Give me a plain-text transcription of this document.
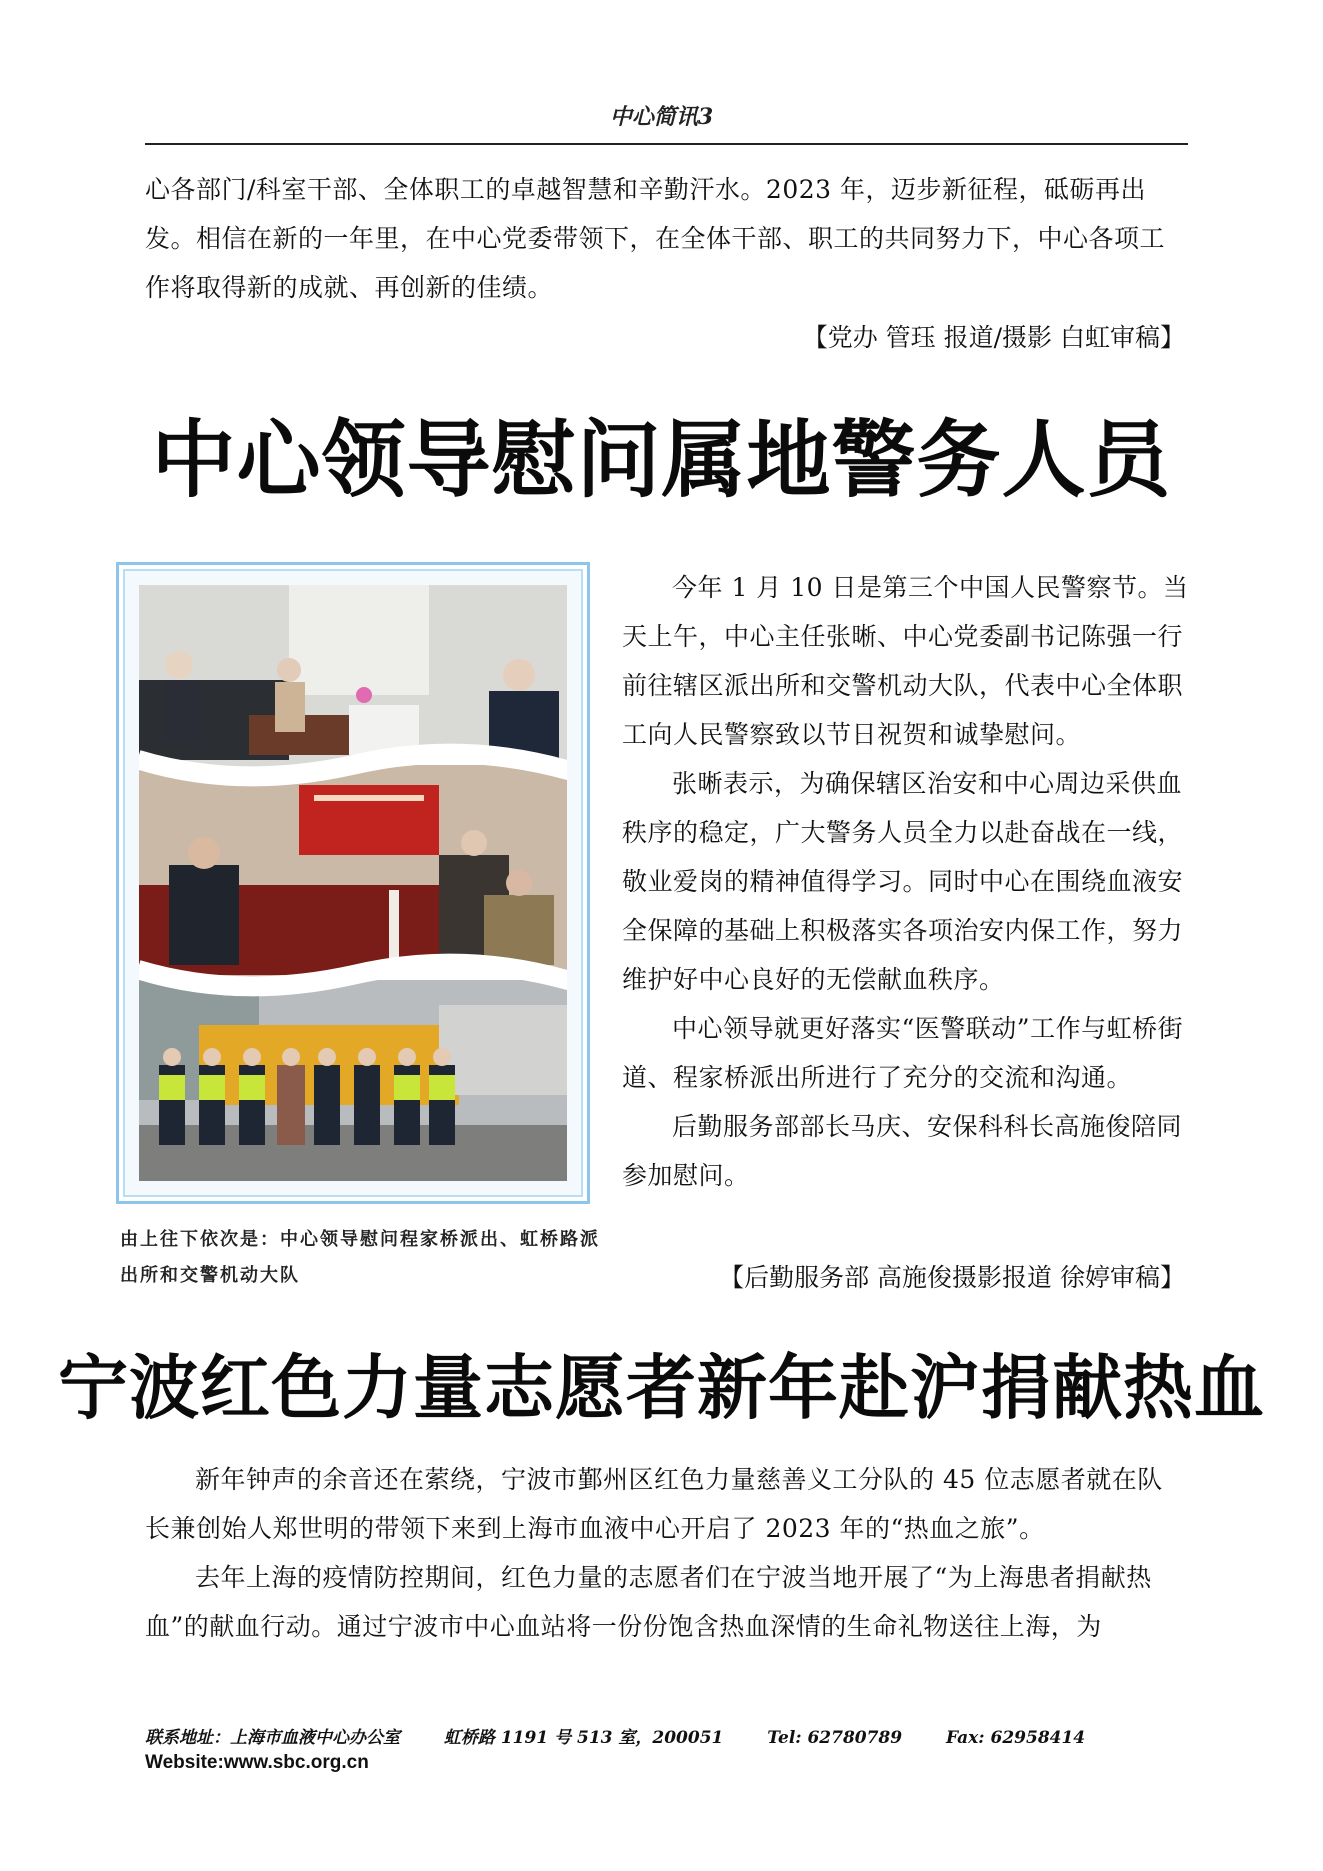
中心简讯3

心各部门/科室干部、全体职工的卓越智慧和辛勤汗水。2023 年，迈步新征程，砥砺再出发。相信在新的一年里，在中心党委带领下，在全体干部、职工的共同努力下，中心各项工作将取得新的成就、再创新的佳绩。

【党办 管珏 报道/摄影 白虹审稿】
中心领导慰问属地警务人员

今年 1 月 10 日是第三个中国人民警察节。当天上午，中心主任张晰、中心党委副书记陈强一行前往辖区派出所和交警机动大队，代表中心全体职工向人民警察致以节日祝贺和诚挚慰问。

张晰表示，为确保辖区治安和中心周边采供血秩序的稳定，广大警务人员全力以赴奋战在一线，敬业爱岗的精神值得学习。同时中心在围绕血液安全保障的基础上积极落实各项治安内保工作，努力维护好中心良好的无偿献血秩序。

中心领导就更好落实“医警联动”工作与虹桥街道、程家桥派出所进行了充分的交流和沟通。

后勤服务部部长马庆、安保科科长高施俊陪同参加慰问。

由上往下依次是：中心领导慰问程家桥派出、虹桥路派出所和交警机动大队	【后勤服务部 高施俊摄影报道 徐婷审稿】
宁波红色力量志愿者新年赴沪捐献热血

新年钟声的余音还在萦绕，宁波市鄞州区红色力量慈善义工分队的 45 位志愿者就在队长兼创始人郑世明的带领下来到上海市血液中心开启了 2023 年的“热血之旅”。

去年上海的疫情防控期间，红色力量的志愿者们在宁波当地开展了“为上海患者捐献热血”的献血行动。通过宁波市中心血站将一份份饱含热血深情的生命礼物送往上海，为

联系地址：上海市血液中心办公室	虹桥路 1191 号 513 室，200051	Tel: 62780789	Fax: 62958414
Website:www.sbc.org.cn
